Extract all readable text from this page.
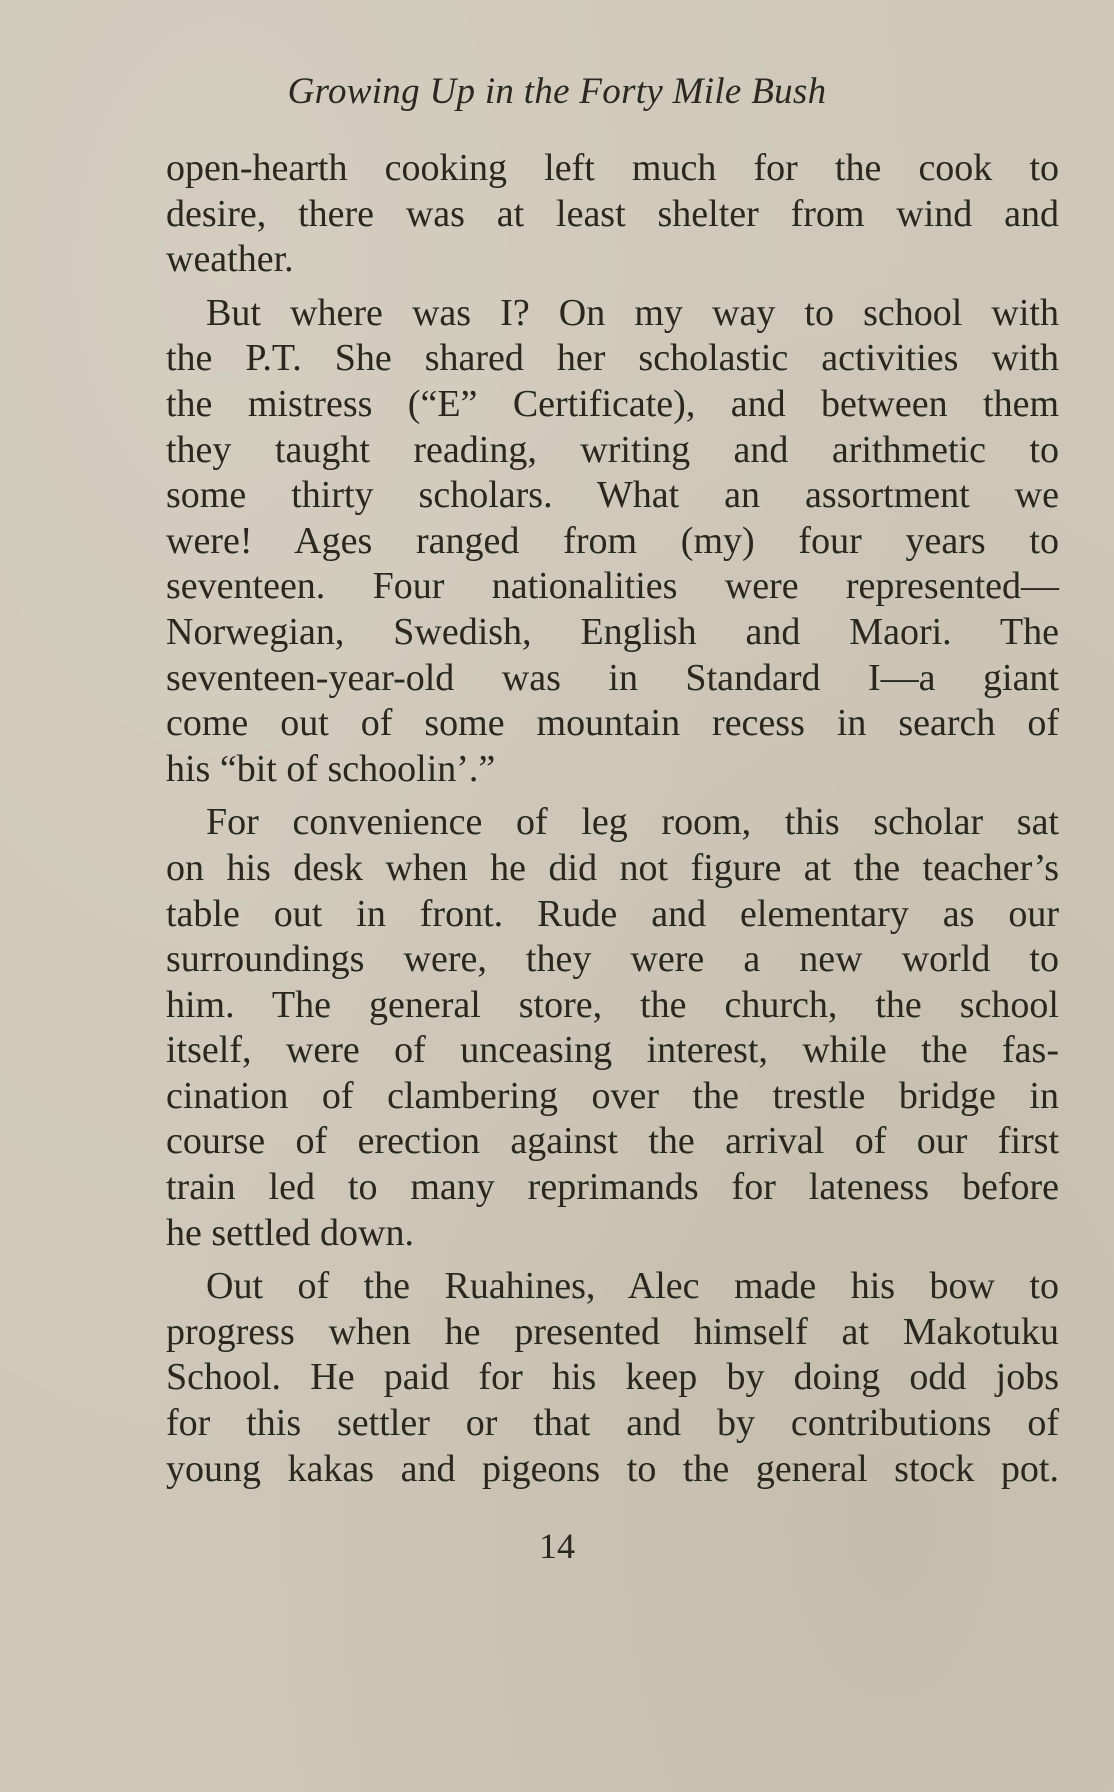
Growing Up in the Forty Mile Bush
open-hearth cooking left much for the cook to
desire, there was at least shelter from wind and
weather.
But where was I? On my way to school with
the P.T. She shared her scholastic activities with
the mistress (“E” Certificate), and between them
they taught reading, writing and arithmetic to
some thirty scholars. What an assortment we
were! Ages ranged from (my) four years to
seventeen. Four nationalities were represented—
Norwegian, Swedish, English and Maori. The
seventeen-year-old was in Standard I—a giant
come out of some mountain recess in search of
his “bit of schoolin’.”
For convenience of leg room, this scholar sat
on his desk when he did not figure at the teacher’s
table out in front. Rude and elementary as our
surroundings were, they were a new world to
him. The general store, the church, the school
itself, were of unceasing interest, while the fas-
cination of clambering over the trestle bridge in
course of erection against the arrival of our first
train led to many reprimands for lateness before
he settled down.
Out of the Ruahines, Alec made his bow to
progress when he presented himself at Makotuku
School. He paid for his keep by doing odd jobs
for this settler or that and by contributions of
young kakas and pigeons to the general stock pot.
14
